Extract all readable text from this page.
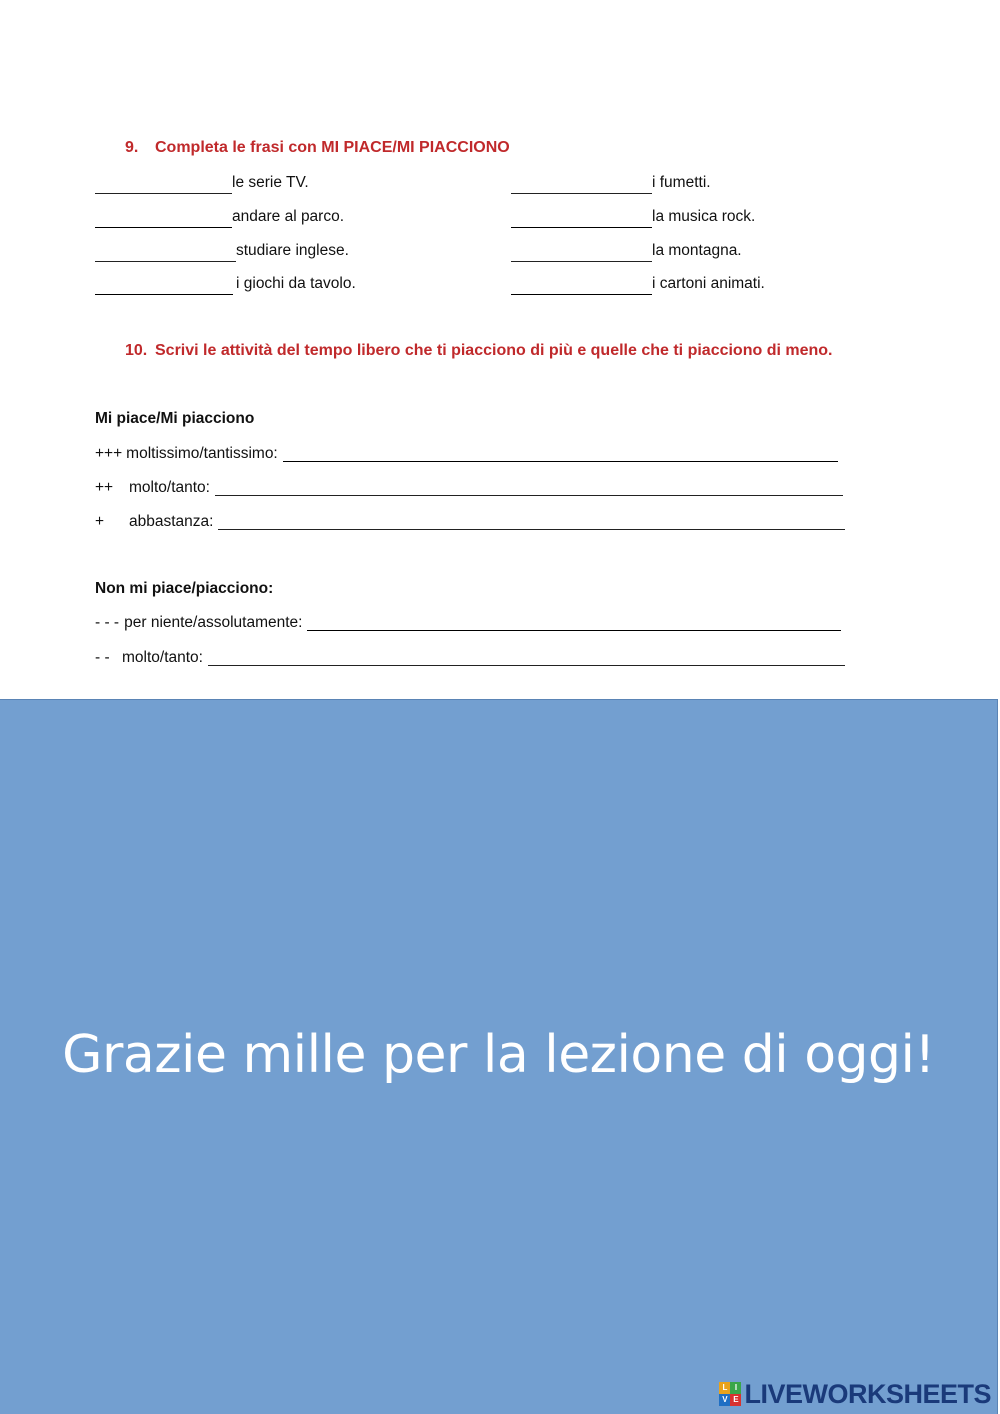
9. Completa le frasi con MI PIACE/MI PIACCIONO
le serie TV.
andare al parco.
studiare inglese.
i giochi da tavolo.
i fumetti.
la musica rock.
la montagna.
i cartoni animati.
10. Scrivi le attività del tempo libero che ti piacciono di più e quelle che ti piacciono di meno.
Mi piace/Mi piacciono
+++ moltissimo/tantissimo:
++	molto/tanto:
+	abbastanza:
Non mi piace/piacciono:
- - - per niente/assolutamente:
- - molto/tanto:
Grazie mille per la lezione di oggi!
L I
V E LIVEWORKSHEETS
